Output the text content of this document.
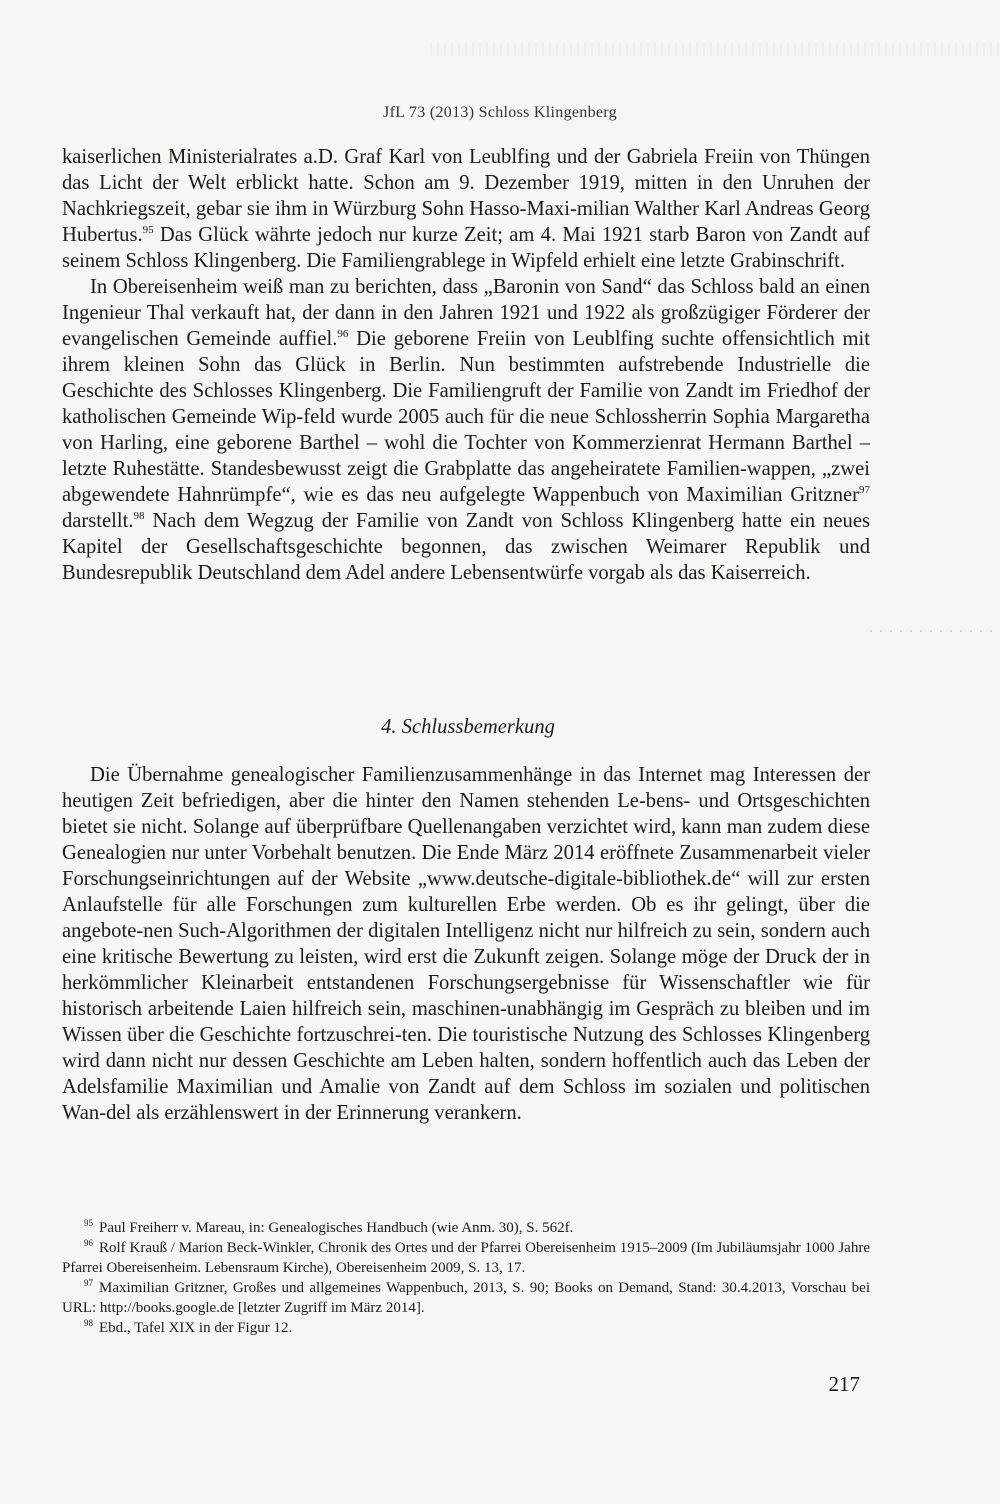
JfL 73 (2013) Schloss Klingenberg

kaiserlichen Ministerialrates a.D. Graf Karl von Leublfing und der Gabriela Freiin von Thüngen das Licht der Welt erblickt hatte. Schon am 9. Dezember 1919, mitten in den Unruhen der Nachkriegszeit, gebar sie ihm in Würzburg Sohn Hasso-Maxi-milian Walther Karl Andreas Georg Hubertus.$^{95}$ Das Glück währte jedoch nur kurze Zeit; am 4. Mai 1921 starb Baron von Zandt auf seinem Schloss Klingenberg. Die Familiengrablege in Wipfeld erhielt eine letzte Grabinschrift.

In Obereisenheim weiß man zu berichten, dass „Baronin von Sand“ das Schloss bald an einen Ingenieur Thal verkauft hat, der dann in den Jahren 1921 und 1922 als großzügiger Förderer der evangelischen Gemeinde auffiel.$^{96}$ Die geborene Freiin von Leublfing suchte offensichtlich mit ihrem kleinen Sohn das Glück in Berlin. Nun bestimmten aufstrebende Industrielle die Geschichte des Schlosses Klingenberg. Die Familiengruft der Familie von Zandt im Friedhof der katholischen Gemeinde Wip-feld wurde 2005 auch für die neue Schlossherrin Sophia Margaretha von Harling, eine geborene Barthel – wohl die Tochter von Kommerzienrat Hermann Barthel – letzte Ruhestätte. Standesbewusst zeigt die Grabplatte das angeheiratete Familien-wappen, „zwei abgewendete Hahnrümpfe“, wie es das neu aufgelegte Wappenbuch von Maximilian Gritzner$^{97}$ darstellt.$^{98}$ Nach dem Wegzug der Familie von Zandt von Schloss Klingenberg hatte ein neues Kapitel der Gesellschaftsgeschichte begonnen, das zwischen Weimarer Republik und Bundesrepublik Deutschland dem Adel andere Lebensentwürfe vorgab als das Kaiserreich.

4. Schlussbemerkung

Die Übernahme genealogischer Familienzusammenhänge in das Internet mag Interessen der heutigen Zeit befriedigen, aber die hinter den Namen stehenden Le-bens- und Ortsgeschichten bietet sie nicht. Solange auf überprüfbare Quellenangaben verzichtet wird, kann man zudem diese Genealogien nur unter Vorbehalt benutzen. Die Ende März 2014 eröffnete Zusammenarbeit vieler Forschungseinrichtungen auf der Website „www.deutsche-digitale-bibliothek.de“ will zur ersten Anlaufstelle für alle Forschungen zum kulturellen Erbe werden. Ob es ihr gelingt, über die angebote-nen Such-Algorithmen der digitalen Intelligenz nicht nur hilfreich zu sein, sondern auch eine kritische Bewertung zu leisten, wird erst die Zukunft zeigen. Solange möge der Druck der in herkömmlicher Kleinarbeit entstandenen Forschungsergebnisse für Wissenschaftler wie für historisch arbeitende Laien hilfreich sein, maschinen-unabhängig im Gespräch zu bleiben und im Wissen über die Geschichte fortzuschrei-ten. Die touristische Nutzung des Schlosses Klingenberg wird dann nicht nur dessen Geschichte am Leben halten, sondern hoffentlich auch das Leben der Adelsfamilie Maximilian und Amalie von Zandt auf dem Schloss im sozialen und politischen Wan-del als erzählenswert in der Erinnerung verankern.

$^{95}$ Paul Freiherr v. Mareau, in: Genealogisches Handbuch (wie Anm. 30), S. 562f.

$^{96}$ Rolf Krauß / Marion Beck-Winkler, Chronik des Ortes und der Pfarrei Obereisenheim 1915–2009 (Im Jubiläumsjahr 1000 Jahre Pfarrei Obereisenheim. Lebensraum Kirche), Obereisenheim 2009, S. 13, 17.

$^{97}$ Maximilian Gritzner, Großes und allgemeines Wappenbuch, 2013, S. 90; Books on Demand, Stand: 30.4.2013, Vorschau bei URL: http://books.google.de [letzter Zugriff im März 2014].

$^{98}$ Ebd., Tafel XIX in der Figur 12.

217
